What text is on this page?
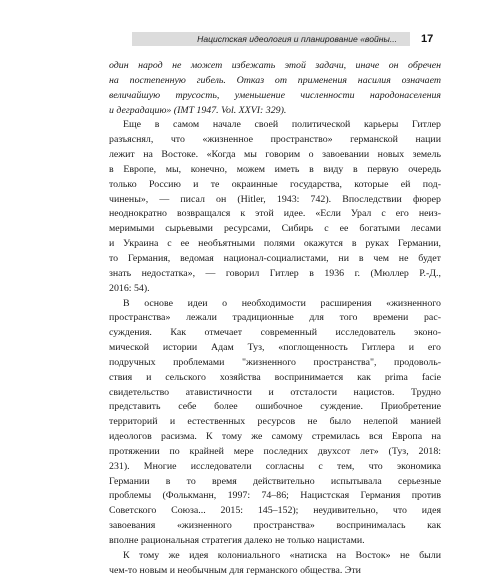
Нацистская идеология и планирование «войны... 17
один народ не может избежать этой задачи, иначе он обречен
на постепенную гибель. Отказ от применения насилия означает
величайшую трусость, уменьшение численности народонаселения
и деградацию» (IMT 1947. Vol. XXVI: 329).
Еще в самом начале своей политической карьеры Гитлер
разъяснял, что «жизненное пространство» германской нации
лежит на Востоке. «Когда мы говорим о завоевании новых земель
в Европе, мы, конечно, можем иметь в виду в первую очередь
только Россию и те окраинные государства, которые ей под-
чинены», — писал он (Hitler, 1943: 742). Впоследствии фюрер
неоднократно возвращался к этой идее. «Если Урал с его неиз-
меримыми сырьевыми ресурсами, Сибирь с ее богатыми лесами
и Украина с ее необъятными полями окажутся в руках Германии,
то Германия, ведомая национал-социалистами, ни в чем не будет
знать недостатка», — говорил Гитлер в 1936 г. (Мюллер Р.-Д.,
2016: 54).
В основе идеи о необходимости расширения «жизненного
пространства» лежали традиционные для того времени рас-
суждения. Как отмечает современный исследователь эконо-
мической истории Адам Туз, «поглощенность Гитлера и его
подручных проблемами "жизненного пространства", продоволь-
ствия и сельского хозяйства воспринимается как prima facie
свидетельство атавистичности и отсталости нацистов. Трудно
представить себе более ошибочное суждение. Приобретение
территорий и естественных ресурсов не было нелепой манией
идеологов расизма. К тому же самому стремилась вся Европа на
протяжении по крайней мере последних двухсот лет» (Туз, 2018:
231). Многие исследователи согласны с тем, что экономика
Германии в то время действительно испытывала серьезные
проблемы (Фолькманн, 1997: 74–86; Нацистская Германия против
Советского Союза... 2015: 145–152); неудивительно, что идея
завоевания «жизненного пространства» воспринималась как
вполне рациональная стратегия далеко не только нацистами.
К тому же идея колониального «натиска на Восток» не были
чем-то новым и необычным для германского общества. Эти
